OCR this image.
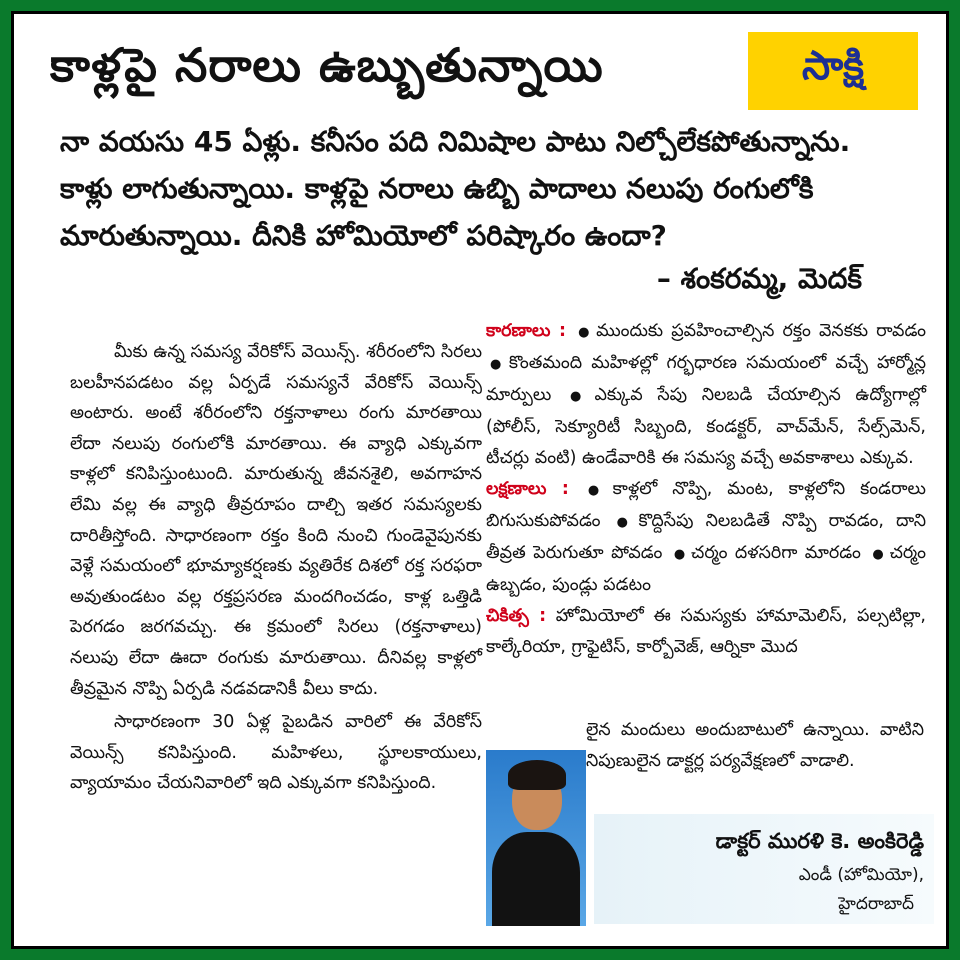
కాళ్లపై నరాలు ఉబ్బుతున్నాయి	సాక్షి
నా వయసు 45 ఏళ్లు. కనీసం పది నిమిషాల పాటు నిల్చోలేకపోతున్నాను. కాళ్లు లాగుతున్నాయి. కాళ్లపై నరాలు ఉబ్బి పాదాలు నలుపు రంగులోకి మారుతున్నాయి. దీనికి హోమియోలో పరిష్కారం ఉందా?
– శంకరమ్మ, మెదక్

మీకు ఉన్న సమస్య వేరికోస్ వెయిన్స్. శరీరంలోని సిరలు బలహీనపడటం వల్ల ఏర్పడే సమస్యనే వేరికోస్ వెయిన్స్ అంటారు. అంటే శరీరంలోని రక్తనాళాలు రంగు మారతాయి లేదా నలుపు రంగులోకి మారతాయి. ఈ వ్యాధి ఎక్కువగా కాళ్లలో కనిపిస్తుంటుంది. మారుతున్న జీవనశైలి, అవగాహన లేమి వల్ల ఈ వ్యాధి తీవ్రరూపం దాల్చి ఇతర సమస్యలకు దారితీస్తోంది. సాధారణంగా రక్తం కింది నుంచి గుండెవైపునకు వెళ్లే సమయంలో భూమ్యాకర్షణకు వ్యతిరేక దిశలో రక్త సరఫరా అవుతుండటం వల్ల రక్తప్రసరణ మందగించడం, కాళ్ల ఒత్తిడి పెరగడం జరగవచ్చు. ఈ క్రమంలో సిరలు (రక్తనాళాలు) నలుపు లేదా ఊదా రంగుకు మారుతాయి. దీనివల్ల కాళ్లలో తీవ్రమైన నొప్పి ఏర్పడి నడవడానికీ వీలు కాదు.

సాధారణంగా 30 ఏళ్ల పైబడిన వారిలో ఈ వేరికోస్ వెయిన్స్ కనిపిస్తుంది. మహిళలు, స్థూలకాయులు, వ్యాయామం చేయనివారిలో ఇది ఎక్కువగా కనిపిస్తుంది.

కారణాలు : ● ముందుకు ప్రవహించాల్సిన రక్తం వెనకకు రావడం ● కొంతమంది మహిళల్లో గర్భధారణ సమయంలో వచ్చే హార్మోన్ల మార్పులు ● ఎక్కువ సేపు నిలబడి చేయాల్సిన ఉద్యోగాల్లో (పోలీస్, సెక్యూరిటీ సిబ్బంది, కండక్టర్, వాచ్‌మేన్, సేల్స్‌మెన్, టీచర్లు వంటి) ఉండేవారికి ఈ సమస్య వచ్చే అవకాశాలు ఎక్కువ.

లక్షణాలు : ● కాళ్లలో నొప్పి, మంట, కాళ్లలోని కండరాలు బిగుసుకుపోవడం ● కొద్దిసేపు నిలబడితే నొప్పి రావడం, దాని తీవ్రత పెరుగుతూ పోవడం ● చర్మం దళసరిగా మారడం ● చర్మం ఉబ్బడం, పుండ్లు పడటం

చికిత్స : హోమియోలో ఈ సమస్యకు హామామెలిస్, పల్సటిల్లా, కాల్కేరియా, గ్రాఫైటిస్, కార్బోవెజ్, ఆర్నికా మొద

లైన మందులు అందుబాటులో ఉన్నాయి. వాటిని నిపుణులైన డాక్టర్ల పర్యవేక్షణలో వాడాలి.
డాక్టర్ మురళి కె. అంకిరెడ్డి
ఎండీ (హోమియో),
హైదరాబాద్
